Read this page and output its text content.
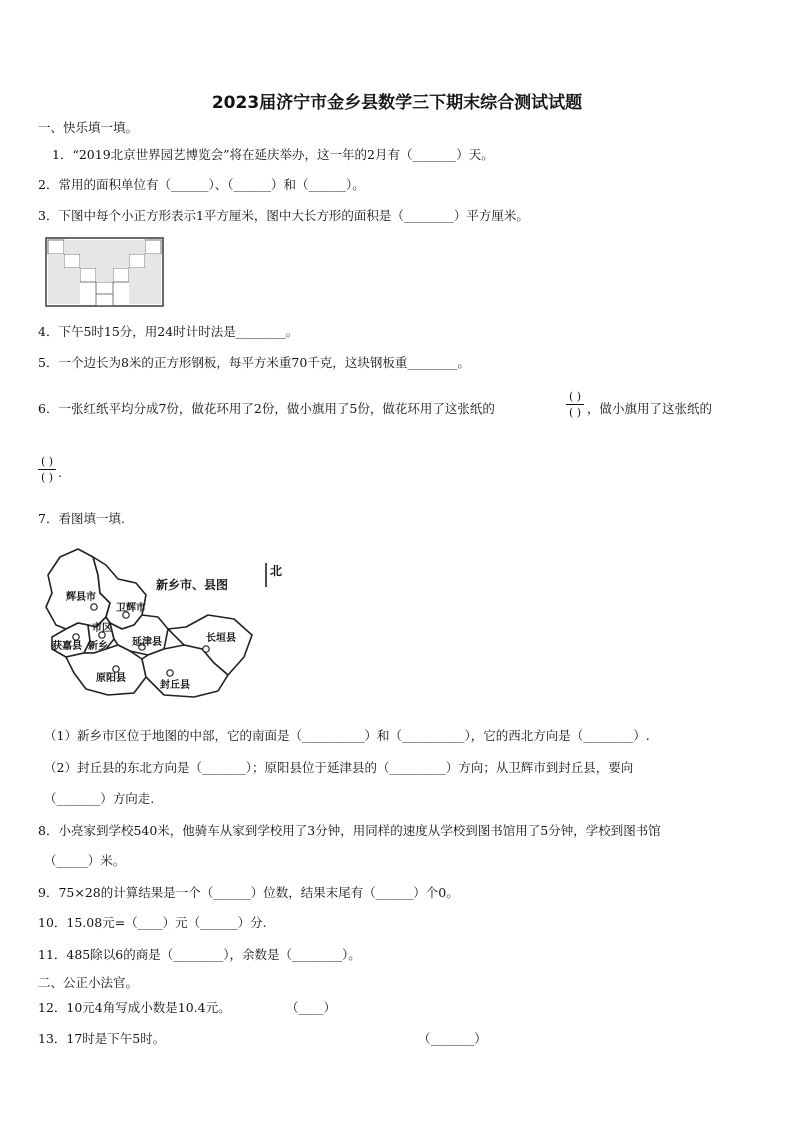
2023届济宁市金乡县数学三下期末综合测试试题
一、快乐填一填。
1．“2019北京世界园艺博览会”将在延庆举办，这一年的2月有（_______）天。
2．常用的面积单位有（______）、（______）和（______）。
3．下图中每个小正方形表示1平方厘米，图中大长方形的面积是（________）平方厘米。
4．下午5时15分，用24时计时法是________。
5．一个边长为8米的正方形钢板，每平方米重70千克，这块钢板重________。
6．一张红纸平均分成7份，做花环用了2份，做小旗用了5份，做花环用了这张纸的
( )
( ) ，做小旗用了这张纸的
( )
( ) .
7．看图填一填.
新乡市、县图
北
辉县市
卫辉市
获嘉县 新乡
市区
延津县	长垣县
原阳县
封丘县
（1）新乡市区位于地图的中部，它的南面是（__________）和（__________），它的西北方向是（________）.
（2）封丘县的东北方向是（_______）；原阳县位于延津县的（_________）方向；从卫辉市到封丘县，要向
（_______）方向走.
8．小亮家到学校540米，他骑车从家到学校用了3分钟，用同样的速度从学校到图书馆用了5分钟，学校到图书馆
（_____）米。
9．75×28的计算结果是一个（______）位数，结果末尾有（______）个0。
10．15.08元=（____）元（______）分.
11．485除以6的商是（________），余数是（________）。
二、公正小法官。
12．10元4角写成小数是10.4元。	（____）
13．17时是下午5时。	（_______）
